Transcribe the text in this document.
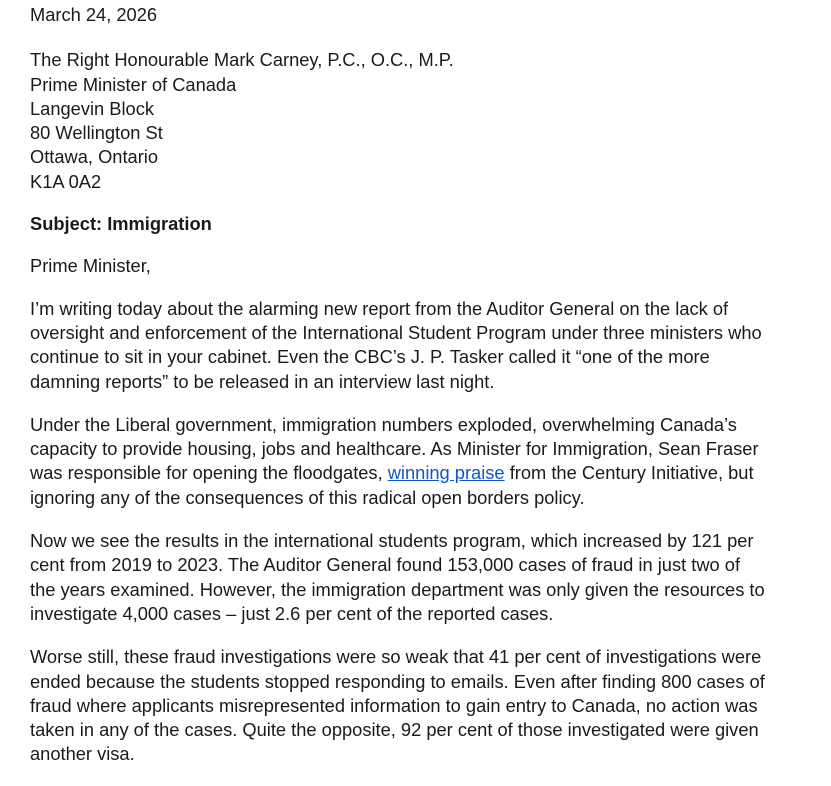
March 24, 2026
The Right Honourable Mark Carney, P.C., O.C., M.P.
Prime Minister of Canada
Langevin Block
80 Wellington St
Ottawa, Ontario
K1A 0A2
Subject: Immigration
Prime Minister,
I’m writing today about the alarming new report from the Auditor General on the lack of
oversight and enforcement of the International Student Program under three ministers who
continue to sit in your cabinet. Even the CBC’s J. P. Tasker called it “one of the more
damning reports” to be released in an interview last night.
Under the Liberal government, immigration numbers exploded, overwhelming Canada’s
capacity to provide housing, jobs and healthcare. As Minister for Immigration, Sean Fraser
was responsible for opening the floodgates, winning praise from the Century Initiative, but
ignoring any of the consequences of this radical open borders policy.
Now we see the results in the international students program, which increased by 121 per
cent from 2019 to 2023. The Auditor General found 153,000 cases of fraud in just two of
the years examined. However, the immigration department was only given the resources to
investigate 4,000 cases – just 2.6 per cent of the reported cases.
Worse still, these fraud investigations were so weak that 41 per cent of investigations were
ended because the students stopped responding to emails. Even after finding 800 cases of
fraud where applicants misrepresented information to gain entry to Canada, no action was
taken in any of the cases. Quite the opposite, 92 per cent of those investigated were given
another visa.
